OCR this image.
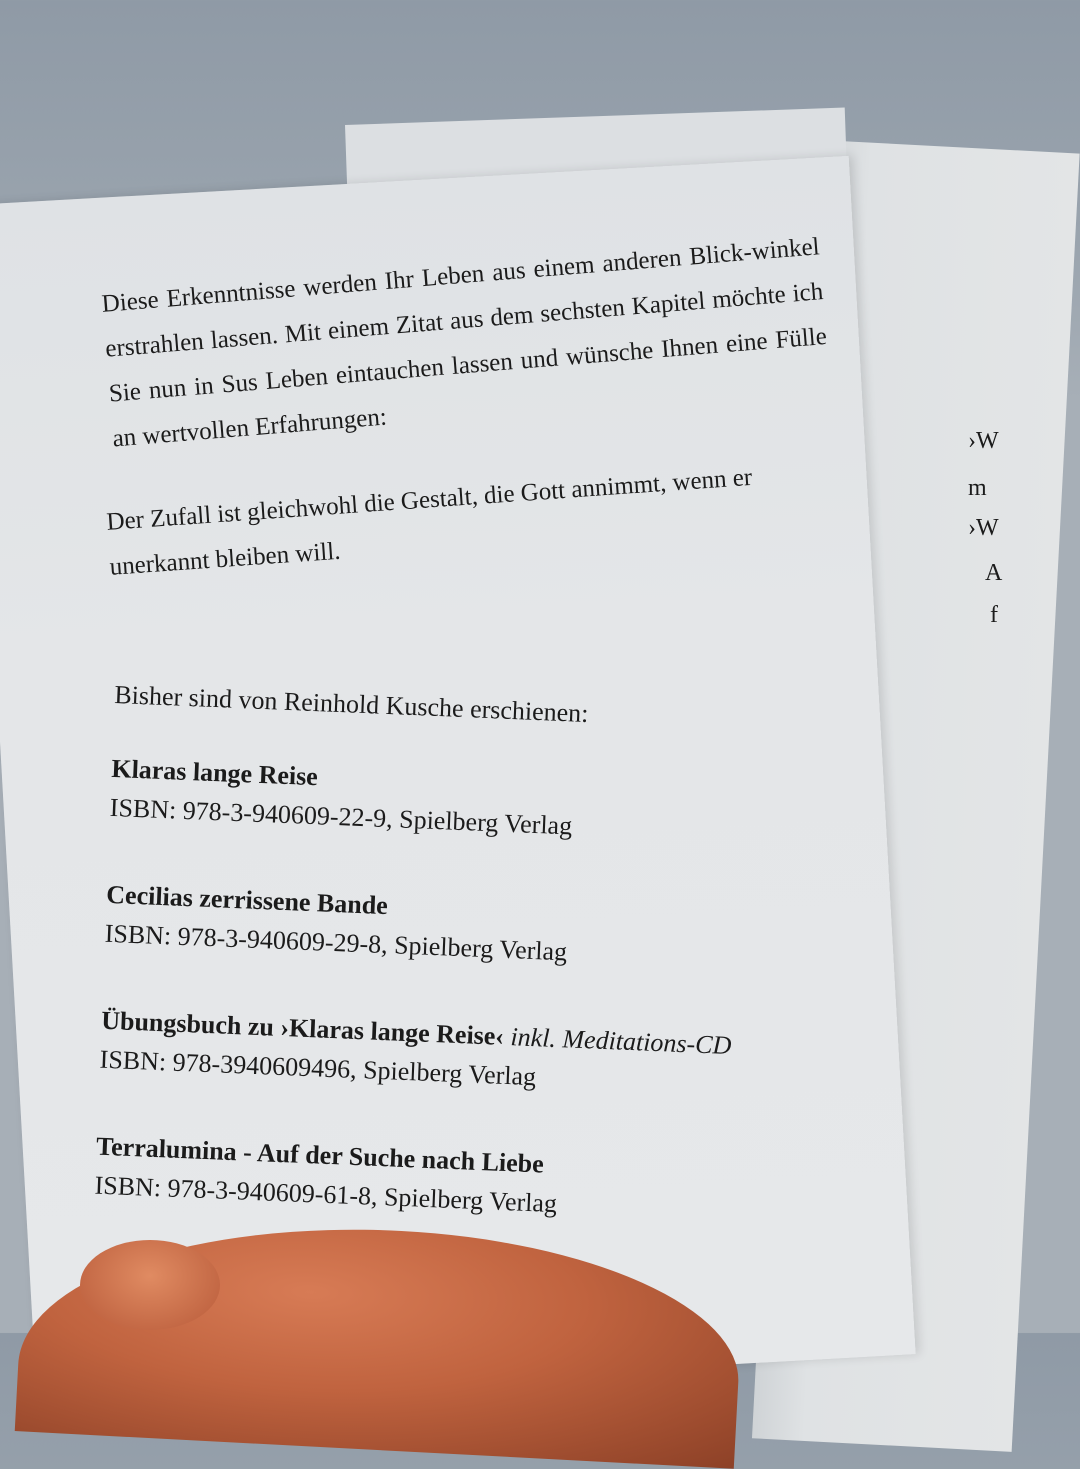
Diese Erkenntnisse werden Ihr Leben aus einem anderen Blick-winkel erstrahlen lassen. Mit einem Zitat aus dem sechsten Kapitel möchte ich Sie nun in Sus Leben eintauchen lassen und wünsche Ihnen eine Fülle an wertvollen Erfahrungen:
Der Zufall ist gleichwohl die Gestalt, die Gott annimmt, wenn er unerkannt bleiben will.
Bisher sind von Reinhold Kusche erschienen:
Klaras lange Reise
ISBN: 978-3-940609-22-9, Spielberg Verlag
Cecilias zerrissene Bande
ISBN: 978-3-940609-29-8, Spielberg Verlag
Übungsbuch zu ›Klaras lange Reise‹ inkl. Meditations-CD
ISBN: 978-3940609496, Spielberg Verlag
Terralumina - Auf der Suche nach Liebe
ISBN: 978-3-940609-61-8, Spielberg Verlag
›W
m
›W
A
f
